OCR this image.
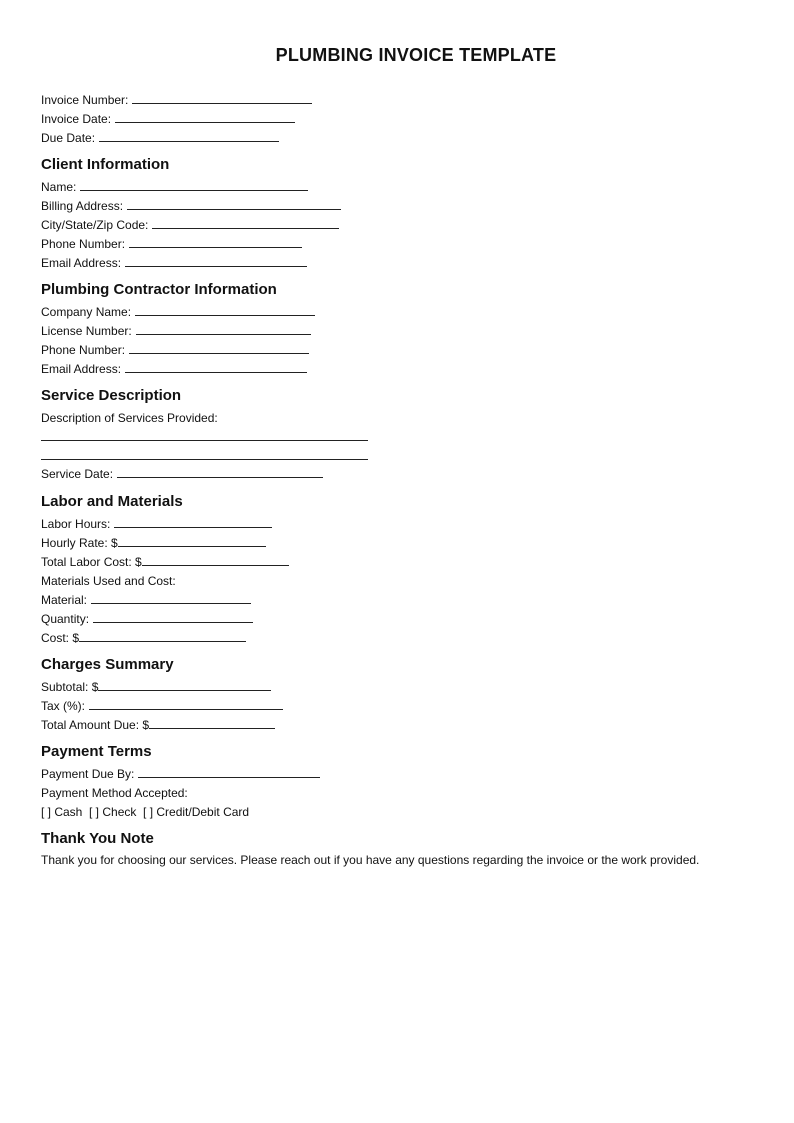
PLUMBING INVOICE TEMPLATE
Invoice Number:
Invoice Date:
Due Date:
Client Information
Name:
Billing Address:
City/State/Zip Code:
Phone Number:
Email Address:
Plumbing Contractor Information
Company Name:
License Number:
Phone Number:
Email Address:
Service Description
Description of Services Provided:
Service Date:
Labor and Materials
Labor Hours:
Hourly Rate: $
Total Labor Cost: $
Materials Used and Cost:
Material:
Quantity:
Cost: $
Charges Summary
Subtotal: $
Tax (%):
Total Amount Due: $
Payment Terms
Payment Due By:
Payment Method Accepted:
[ ] Cash  [ ] Check  [ ] Credit/Debit Card
Thank You Note
Thank you for choosing our services. Please reach out if you have any questions regarding the invoice or the work provided.
